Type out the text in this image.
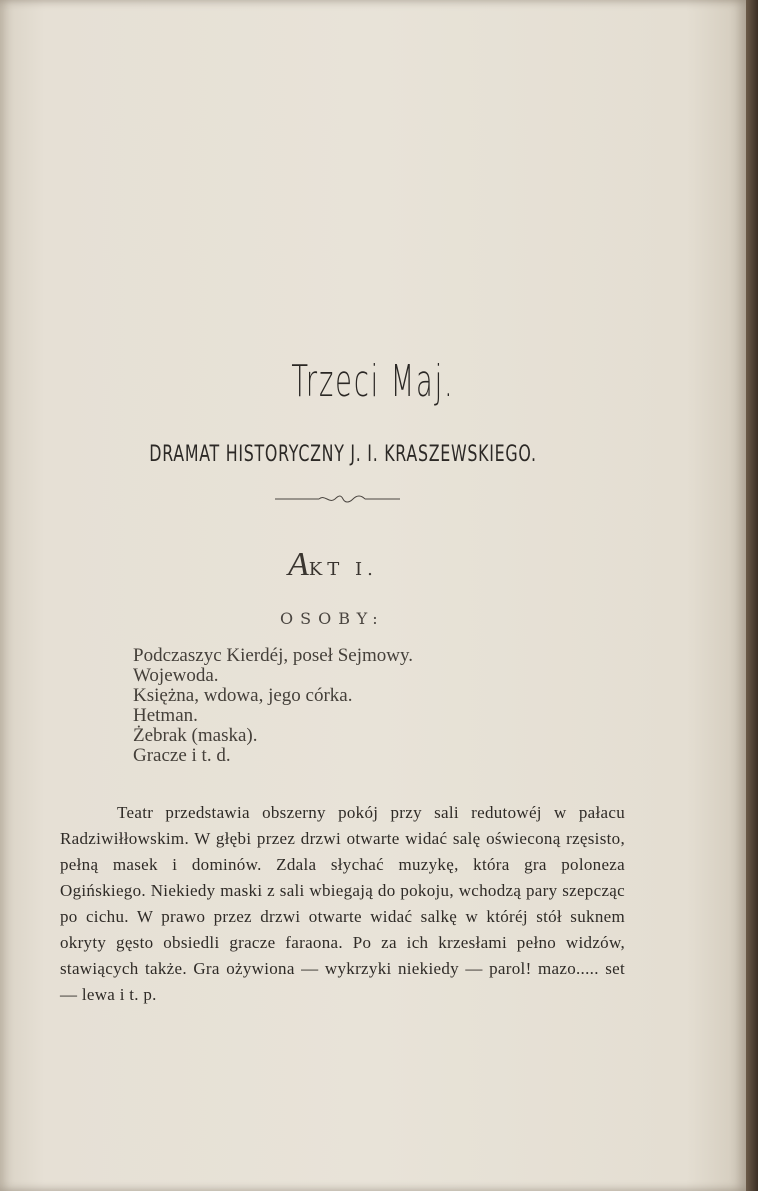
Trzeci Maj.
DRAMAT HISTORYCZNY J. I. KRASZEWSKIEGO.
AKT I.
OSOBY:
Podczaszyc Kierdéj, poseł Sejmowy.
Wojewoda.
Księżna, wdowa, jego córka.
Hetman.
Żebrak (maska).
Gracze i t. d.

Teatr przedstawia obszerny pokój przy sali redutowéj w pałacu Radziwiłłowskim. W głębi przez drzwi otwarte widać salę oświeconą rzęsisto, pełną masek i dominów. Zdala słychać muzykę, która gra poloneza Ogińskiego. Niekiedy maski z sali wbiegają do pokoju, wchodzą pary szepcząc po cichu. W prawo przez drzwi otwarte widać salkę w któréj stół suknem okryty gęsto obsiedli gracze faraona. Po za ich krzesłami pełno widzów, stawiących także. Gra ożywiona — wykrzyki niekiedy — parol! mazo..... set — lewa i t. p.
